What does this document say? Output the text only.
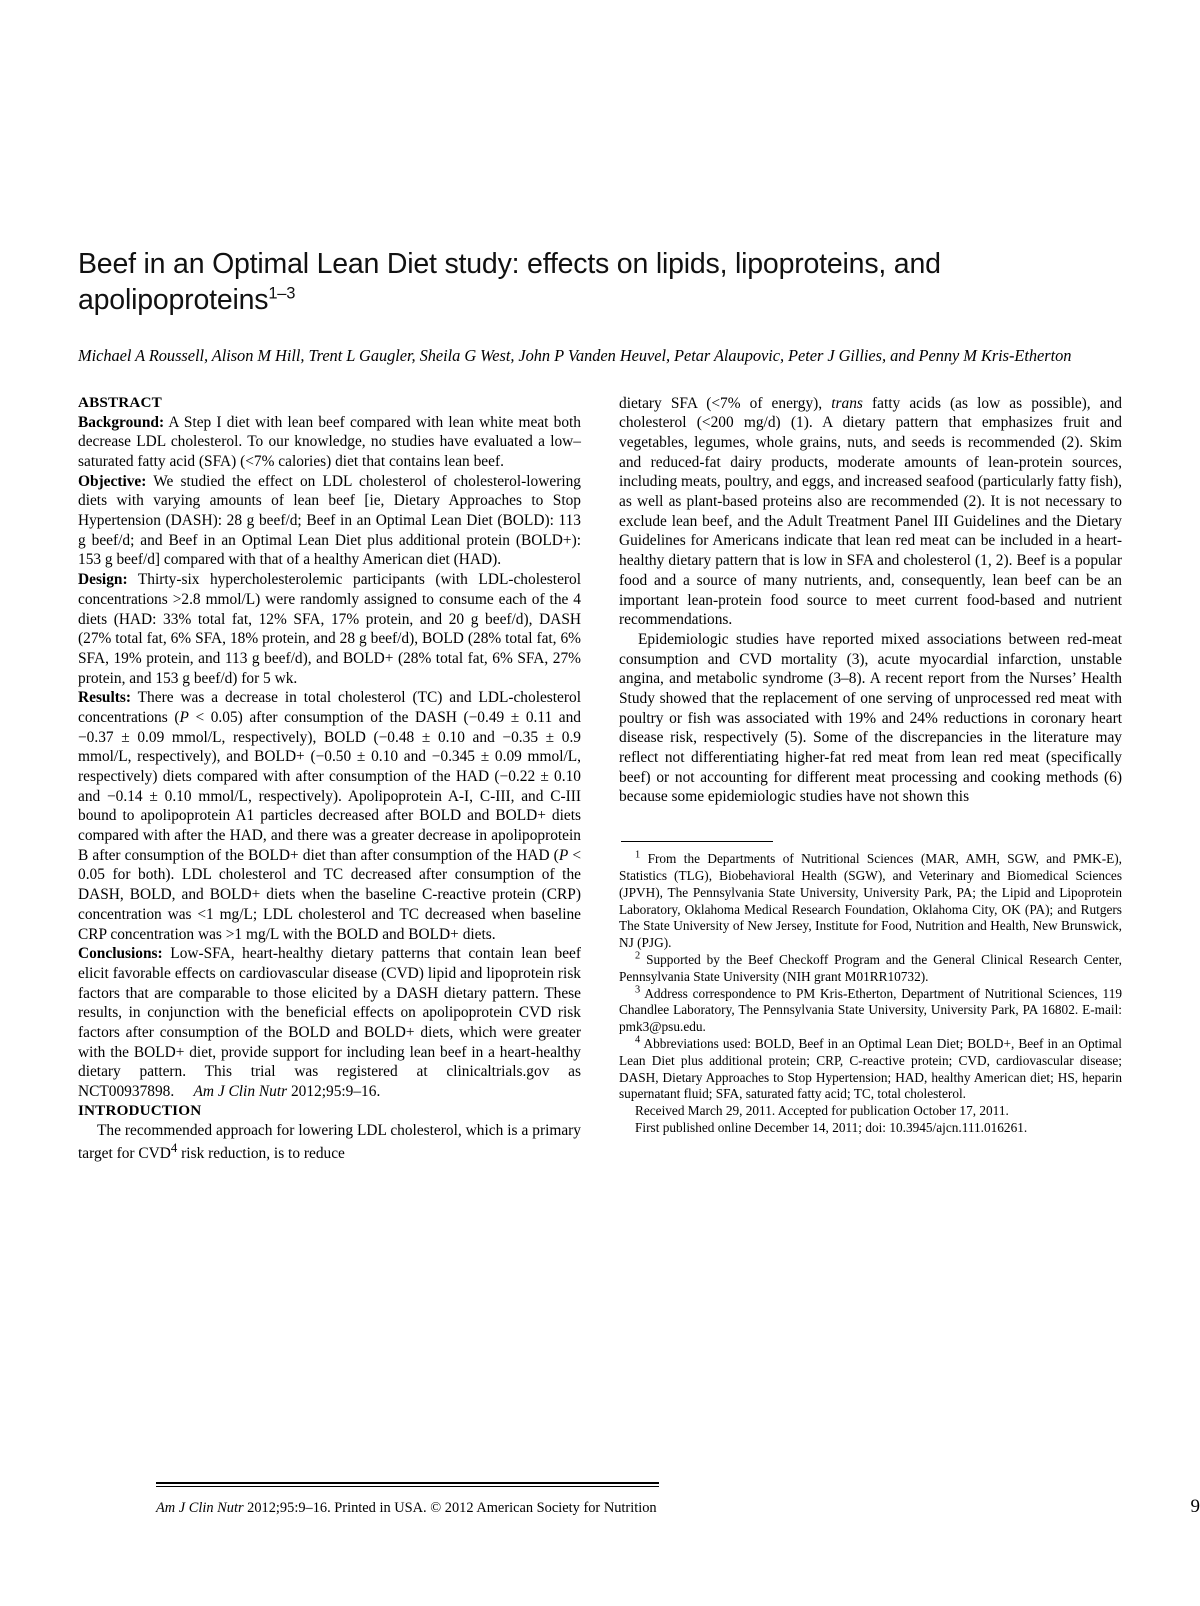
Beef in an Optimal Lean Diet study: effects on lipids, lipoproteins, and apolipoproteins$^{1-3}$
Michael A Roussell, Alison M Hill, Trent L Gaugler, Sheila G West, John P Vanden Heuvel, Petar Alaupovic, Peter J Gillies, and Penny M Kris-Etherton
ABSTRACT

Background: A Step I diet with lean beef compared with lean white meat both decrease LDL cholesterol. To our knowledge, no studies have evaluated a low–saturated fatty acid (SFA) (<7% calories) diet that contains lean beef.

Objective: We studied the effect on LDL cholesterol of cholesterol-lowering diets with varying amounts of lean beef [ie, Dietary Approaches to Stop Hypertension (DASH): 28 g beef/d; Beef in an Optimal Lean Diet (BOLD): 113 g beef/d; and Beef in an Optimal Lean Diet plus additional protein (BOLD+): 153 g beef/d] compared with that of a healthy American diet (HAD).

Design: Thirty-six hypercholesterolemic participants (with LDL-cholesterol concentrations >2.8 mmol/L) were randomly assigned to consume each of the 4 diets (HAD: 33% total fat, 12% SFA, 17% protein, and 20 g beef/d), DASH (27% total fat, 6% SFA, 18% protein, and 28 g beef/d), BOLD (28% total fat, 6% SFA, 19% protein, and 113 g beef/d), and BOLD+ (28% total fat, 6% SFA, 27% protein, and 153 g beef/d) for 5 wk.

Results: There was a decrease in total cholesterol (TC) and LDL-cholesterol concentrations (P < 0.05) after consumption of the DASH (−0.49 ± 0.11 and −0.37 ± 0.09 mmol/L, respectively), BOLD (−0.48 ± 0.10 and −0.35 ± 0.9 mmol/L, respectively), and BOLD+ (−0.50 ± 0.10 and −0.345 ± 0.09 mmol/L, respectively) diets compared with after consumption of the HAD (−0.22 ± 0.10 and −0.14 ± 0.10 mmol/L, respectively). Apolipoprotein A-I, C-III, and C-III bound to apolipoprotein A1 particles decreased after BOLD and BOLD+ diets compared with after the HAD, and there was a greater decrease in apolipoprotein B after consumption of the BOLD+ diet than after consumption of the HAD (P < 0.05 for both). LDL cholesterol and TC decreased after consumption of the DASH, BOLD, and BOLD+ diets when the baseline C-reactive protein (CRP) concentration was <1 mg/L; LDL cholesterol and TC decreased when baseline CRP concentration was >1 mg/L with the BOLD and BOLD+ diets.

Conclusions: Low-SFA, heart-healthy dietary patterns that contain lean beef elicit favorable effects on cardiovascular disease (CVD) lipid and lipoprotein risk factors that are comparable to those elicited by a DASH dietary pattern. These results, in conjunction with the beneficial effects on apolipoprotein CVD risk factors after consumption of the BOLD and BOLD+ diets, which were greater with the BOLD+ diet, provide support for including lean beef in a heart-healthy dietary pattern. This trial was registered at clinicaltrials.gov as NCT00937898. Am J Clin Nutr 2012;95:9–16.

INTRODUCTION

The recommended approach for lowering LDL cholesterol, which is a primary target for CVD$^4$ risk reduction, is to reduce

dietary SFA (<7% of energy), trans fatty acids (as low as possible), and cholesterol (<200 mg/d) (1). A dietary pattern that emphasizes fruit and vegetables, legumes, whole grains, nuts, and seeds is recommended (2). Skim and reduced-fat dairy products, moderate amounts of lean-protein sources, including meats, poultry, and eggs, and increased seafood (particularly fatty fish), as well as plant-based proteins also are recommended (2). It is not necessary to exclude lean beef, and the Adult Treatment Panel III Guidelines and the Dietary Guidelines for Americans indicate that lean red meat can be included in a heart-healthy dietary pattern that is low in SFA and cholesterol (1, 2). Beef is a popular food and a source of many nutrients, and, consequently, lean beef can be an important lean-protein food source to meet current food-based and nutrient recommendations.

Epidemiologic studies have reported mixed associations between red-meat consumption and CVD mortality (3), acute myocardial infarction, unstable angina, and metabolic syndrome (3–8). A recent report from the Nurses’ Health Study showed that the replacement of one serving of unprocessed red meat with poultry or fish was associated with 19% and 24% reductions in coronary heart disease risk, respectively (5). Some of the discrepancies in the literature may reflect not differentiating higher-fat red meat from lean red meat (specifically beef) or not accounting for different meat processing and cooking methods (6) because some epidemiologic studies have not shown this

$^1$ From the Departments of Nutritional Sciences (MAR, AMH, SGW, and PMK-E), Statistics (TLG), Biobehavioral Health (SGW), and Veterinary and Biomedical Sciences (JPVH), The Pennsylvania State University, University Park, PA; the Lipid and Lipoprotein Laboratory, Oklahoma Medical Research Foundation, Oklahoma City, OK (PA); and Rutgers The State University of New Jersey, Institute for Food, Nutrition and Health, New Brunswick, NJ (PJG).

$^2$ Supported by the Beef Checkoff Program and the General Clinical Research Center, Pennsylvania State University (NIH grant M01RR10732).

$^3$ Address correspondence to PM Kris-Etherton, Department of Nutritional Sciences, 119 Chandlee Laboratory, The Pennsylvania State University, University Park, PA 16802. E-mail: pmk3@psu.edu.

$^4$ Abbreviations used: BOLD, Beef in an Optimal Lean Diet; BOLD+, Beef in an Optimal Lean Diet plus additional protein; CRP, C-reactive protein; CVD, cardiovascular disease; DASH, Dietary Approaches to Stop Hypertension; HAD, healthy American diet; HS, heparin supernatant fluid; SFA, saturated fatty acid; TC, total cholesterol.

Received March 29, 2011. Accepted for publication October 17, 2011.

First published online December 14, 2011; doi: 10.3945/ajcn.111.016261.

Am J Clin Nutr 2012;95:9–16. Printed in USA. © 2012 American Society for Nutrition	9
